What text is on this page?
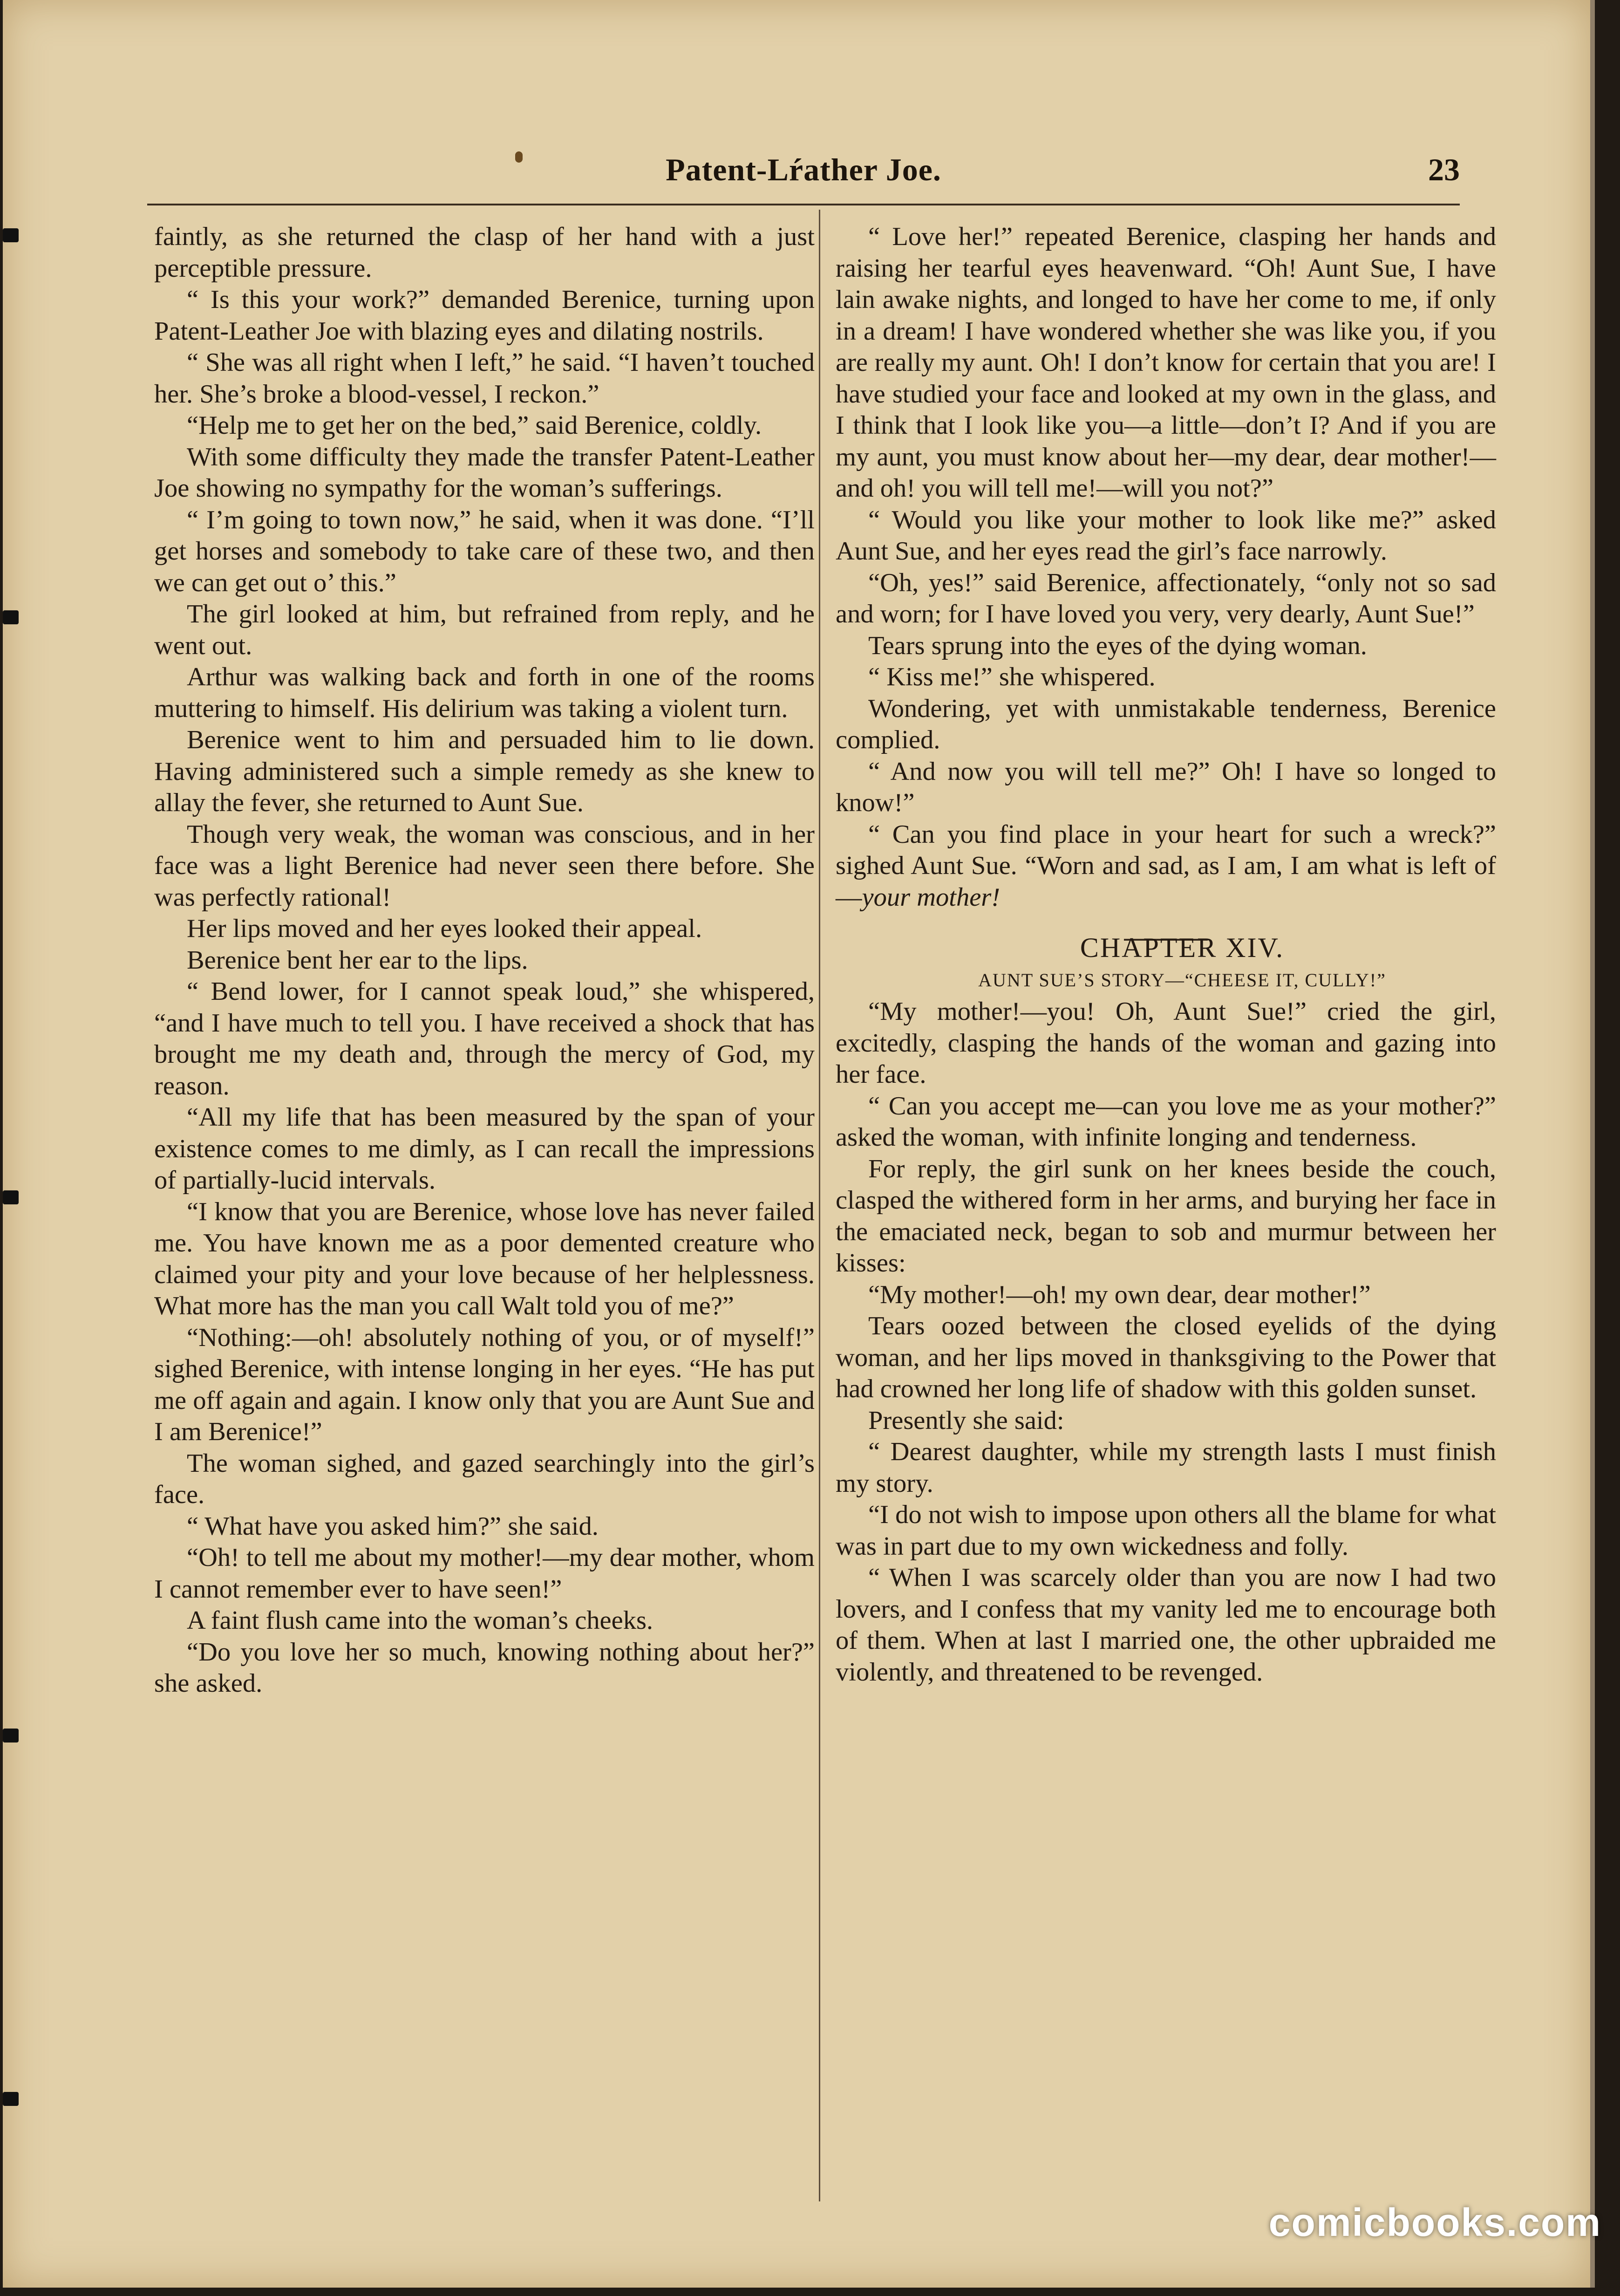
Patent-Lŕather Joe.	23

faintly, as she returned the clasp of her hand with a just perceptible pressure.

“ Is this your work?” demanded Berenice, turning upon Patent-Leather Joe with blazing eyes and dilating nostrils.

“ She was all right when I left,” he said. “I haven’t touched her. She’s broke a blood-vessel, I reckon.”

“Help me to get her on the bed,” said Berenice, coldly.

With some difficulty they made the transfer Patent-Leather Joe showing no sympathy for the woman’s sufferings.

“ I’m going to town now,” he said, when it was done. “I’ll get horses and somebody to take care of these two, and then we can get out o’ this.”

The girl looked at him, but refrained from reply, and he went out.

Arthur was walking back and forth in one of the rooms muttering to himself. His delirium was taking a violent turn.

Berenice went to him and persuaded him to lie down. Having administered such a simple remedy as she knew to allay the fever, she returned to Aunt Sue.

Though very weak, the woman was conscious, and in her face was a light Berenice had never seen there before. She was perfectly rational!

Her lips moved and her eyes looked their appeal.

Berenice bent her ear to the lips.

“ Bend lower, for I cannot speak loud,” she whispered, “and I have much to tell you. I have received a shock that has brought me my death and, through the mercy of God, my reason.

“All my life that has been measured by the span of your existence comes to me dimly, as I can recall the impressions of partially-lucid intervals.

“I know that you are Berenice, whose love has never failed me. You have known me as a poor demented creature who claimed your pity and your love because of her helplessness. What more has the man you call Walt told you of me?”

“Nothing:—oh! absolutely nothing of you, or of myself!” sighed Berenice, with intense longing in her eyes. “He has put me off again and again. I know only that you are Aunt Sue and I am Berenice!”

The woman sighed, and gazed searchingly into the girl’s face.

“ What have you asked him?” she said.

“Oh! to tell me about my mother!—my dear mother, whom I cannot remember ever to have seen!”

A faint flush came into the woman’s cheeks.

“Do you love her so much, knowing nothing about her?” she asked.

“ Love her!” repeated Berenice, clasping her hands and raising her tearful eyes heavenward. “Oh! Aunt Sue, I have lain awake nights, and longed to have her come to me, if only in a dream! I have wondered whether she was like you, if you are really my aunt. Oh! I don’t know for certain that you are! I have studied your face and looked at my own in the glass, and I think that I look like you—a little—don’t I? And if you are my aunt, you must know about her—my dear, dear mother!—and oh! you will tell me!—will you not?”

“ Would you like your mother to look like me?” asked Aunt Sue, and her eyes read the girl’s face narrowly.

“Oh, yes!” said Berenice, affectionately, “only not so sad and worn; for I have loved you very, very dearly, Aunt Sue!”

Tears sprung into the eyes of the dying woman.

“ Kiss me!” she whispered.

Wondering, yet with unmistakable tenderness, Berenice complied.

“ And now you will tell me?” Oh! I have so longed to know!”

“ Can you find place in your heart for such a wreck?” sighed Aunt Sue. “Worn and sad, as I am, I am what is left of—your mother!

CHAPTER XIV.

AUNT SUE’S STORY—“CHEESE IT, CULLY!”

“My mother!—you! Oh, Aunt Sue!” cried the girl, excitedly, clasping the hands of the woman and gazing into her face.

“ Can you accept me—can you love me as your mother?” asked the woman, with infinite longing and tenderness.

For reply, the girl sunk on her knees beside the couch, clasped the withered form in her arms, and burying her face in the emaciated neck, began to sob and murmur between her kisses:

“My mother!—oh! my own dear, dear mother!”

Tears oozed between the closed eyelids of the dying woman, and her lips moved in thanksgiving to the Power that had crowned her long life of shadow with this golden sunset.

Presently she said:

“ Dearest daughter, while my strength lasts I must finish my story.

“I do not wish to impose upon others all the blame for what was in part due to my own wickedness and folly.

“ When I was scarcely older than you are now I had two lovers, and I confess that my vanity led me to encourage both of them. When at last I married one, the other upbraided me violently, and threatened to be revenged.

comicbooks.com
